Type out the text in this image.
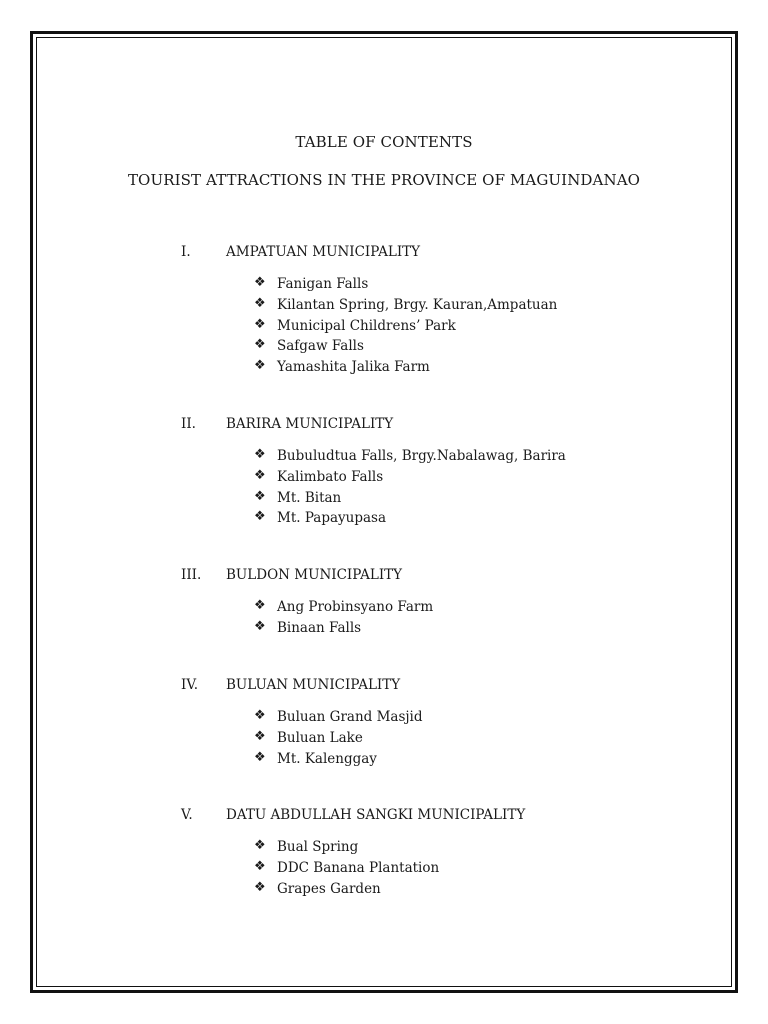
TABLE OF CONTENTS
TOURIST ATTRACTIONS IN THE PROVINCE OF MAGUINDANAO
I.	AMPATUAN MUNICIPALITY
❖ Fanigan Falls
❖ Kilantan Spring, Brgy. Kauran,Ampatuan
❖ Municipal Childrens’ Park
❖ Safgaw Falls
❖ Yamashita Jalika Farm
II. BARIRA MUNICIPALITY
❖ Bubuludtua Falls, Brgy.Nabalawag, Barira
❖ Kalimbato Falls
❖ Mt. Bitan
❖ Mt. Papayupasa
III. BULDON MUNICIPALITY
❖ Ang Probinsyano Farm
❖ Binaan Falls
IV. BULUAN MUNICIPALITY
❖ Buluan Grand Masjid
❖ Buluan Lake
❖ Mt. Kalenggay
V. DATU ABDULLAH SANGKI MUNICIPALITY
❖ Bual Spring
❖ DDC Banana Plantation
❖ Grapes Garden
